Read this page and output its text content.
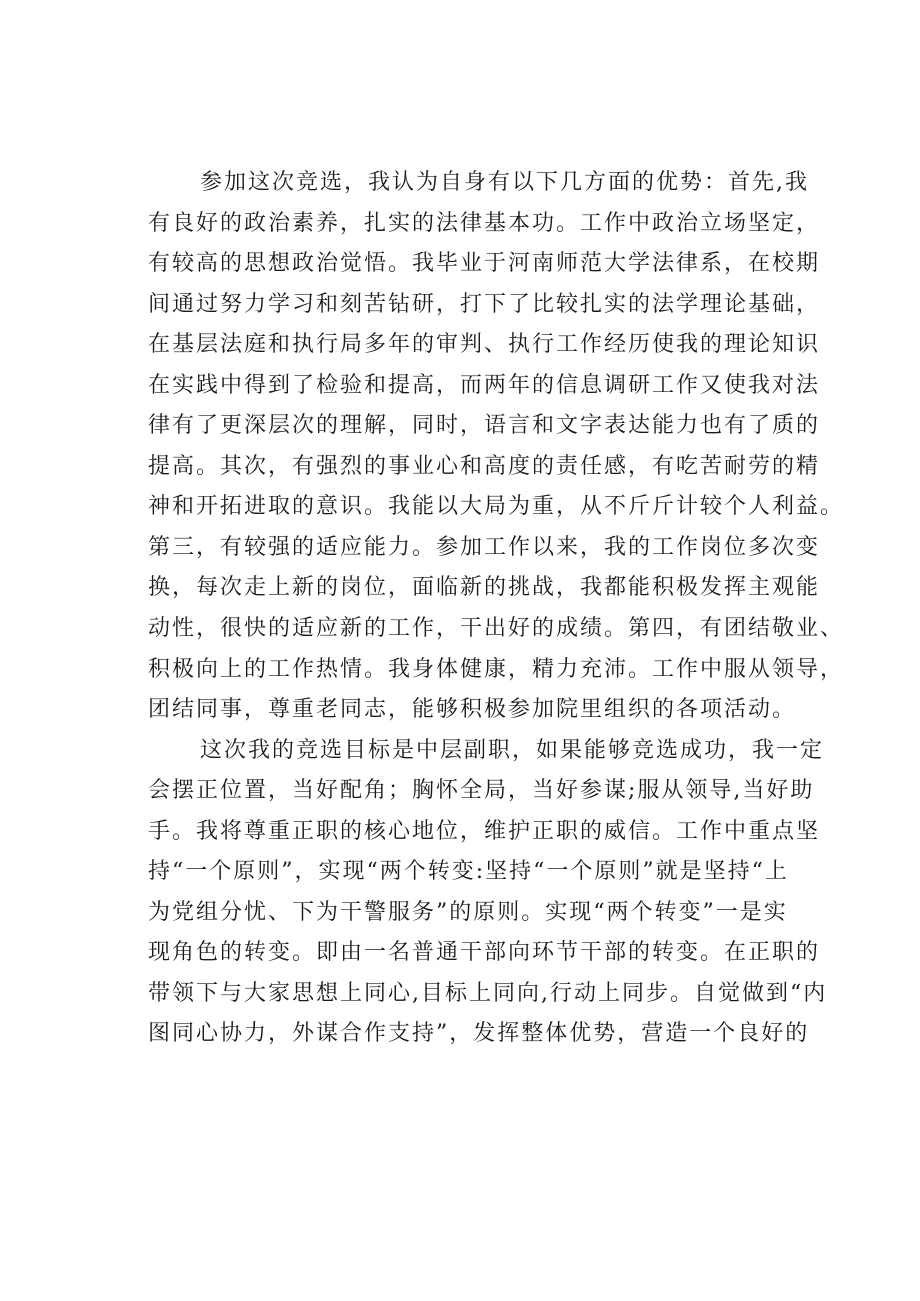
参加这次竞选，我认为自身有以下几方面的优势：首先,我
有良好的政治素养，扎实的法律基本功。工作中政治立场坚定，
有较高的思想政治觉悟。我毕业于河南师范大学法律系，在校期
间通过努力学习和刻苦钻研，打下了比较扎实的法学理论基础，
在基层法庭和执行局多年的审判、执行工作经历使我的理论知识
在实践中得到了检验和提高，而两年的信息调研工作又使我对法
律有了更深层次的理解，同时，语言和文字表达能力也有了质的
提高。其次，有强烈的事业心和高度的责任感，有吃苦耐劳的精
神和开拓进取的意识。我能以大局为重，从不斤斤计较个人利益。
第三，有较强的适应能力。参加工作以来，我的工作岗位多次变
换，每次走上新的岗位，面临新的挑战，我都能积极发挥主观能
动性，很快的适应新的工作，干出好的成绩。第四，有团结敬业、
积极向上的工作热情。我身体健康，精力充沛。工作中服从领导，
团结同事，尊重老同志，能够积极参加院里组织的各项活动。
这次我的竞选目标是中层副职，如果能够竞选成功，我一定
会摆正位置，当好配角；胸怀全局，当好参谋;服从领导,当好助
手。我将尊重正职的核心地位，维护正职的威信。工作中重点坚
持“一个原则”，实现“两个转变:坚持“一个原则”就是坚持“上
为党组分忧、下为干警服务”的原则。实现“两个转变”一是实
现角色的转变。即由一名普通干部向环节干部的转变。在正职的
带领下与大家思想上同心,目标上同向,行动上同步。自觉做到“内
图同心协力，外谋合作支持”，发挥整体优势，营造一个良好的
